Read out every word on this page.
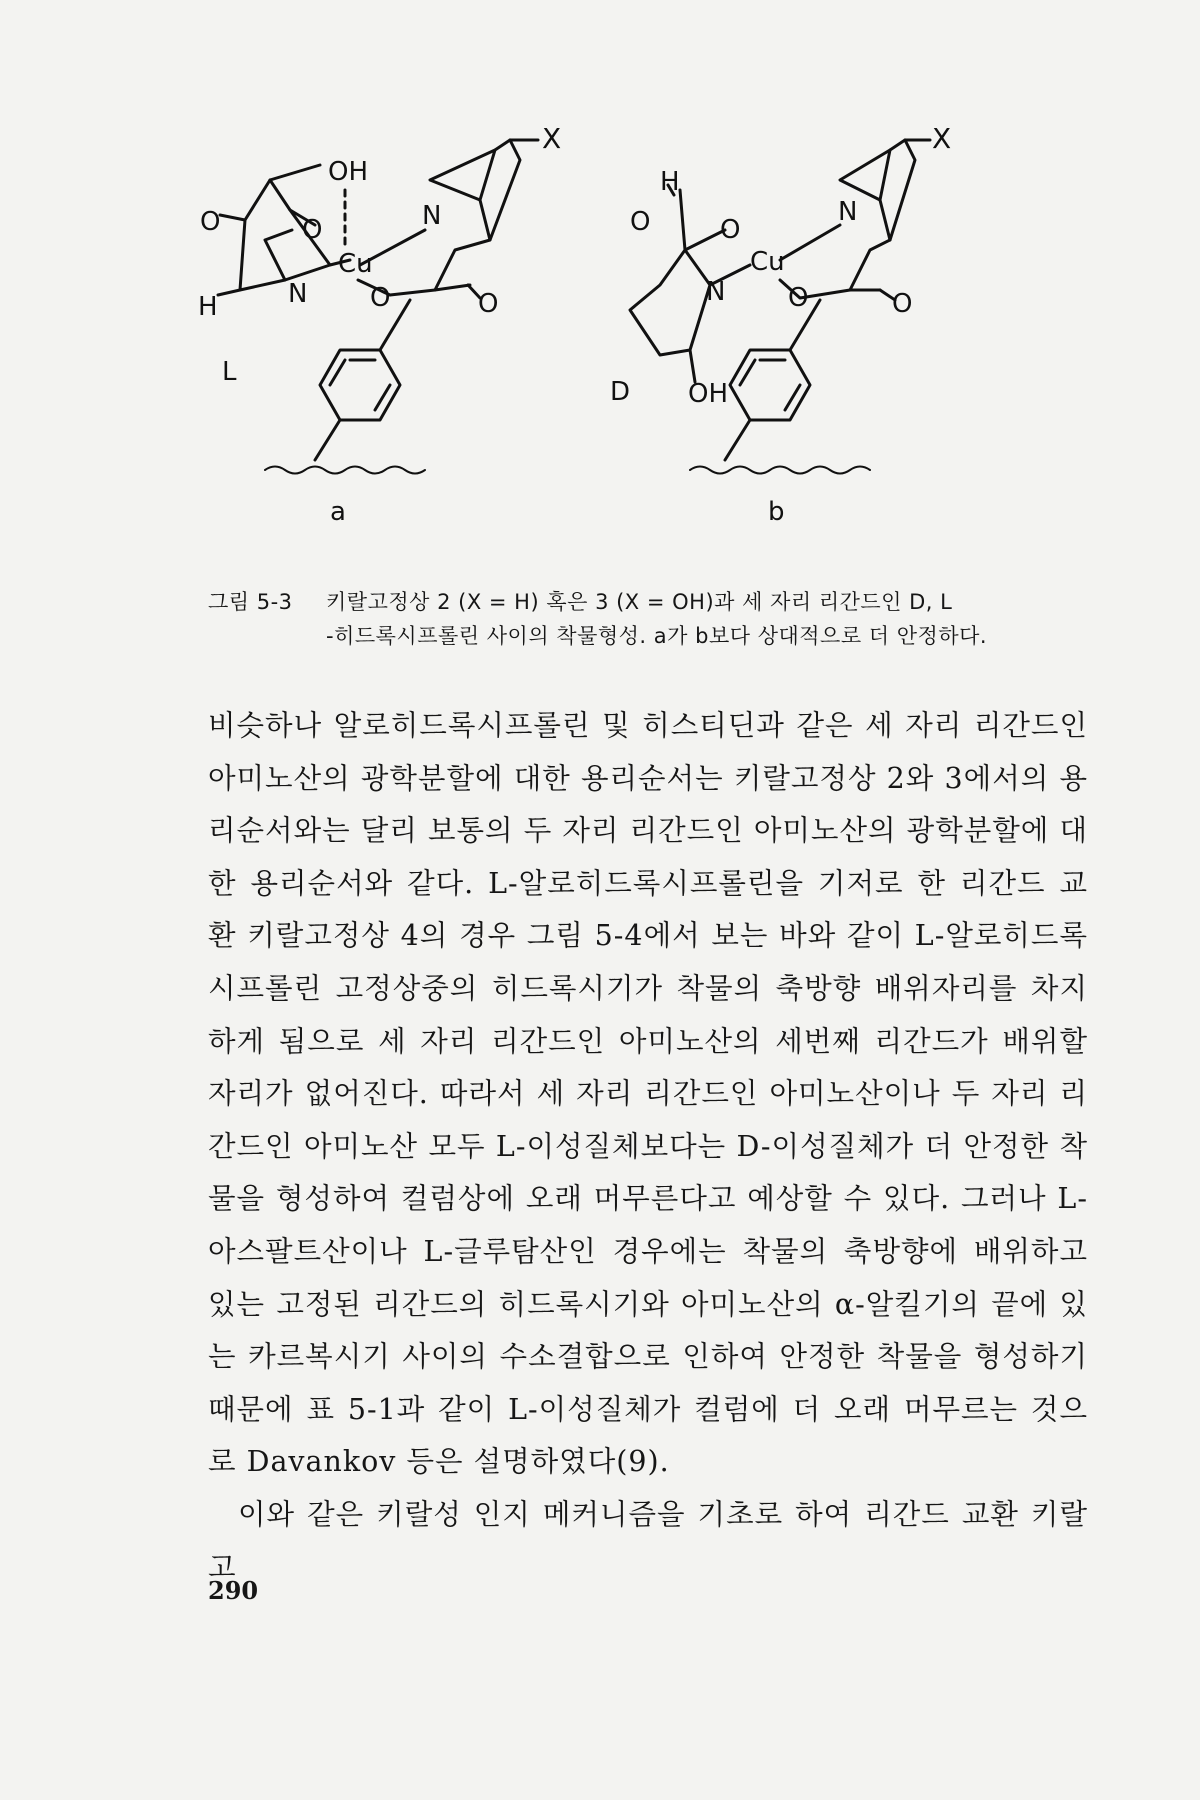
X
OH
O	O
Cu
N
N
H	O	O
L
a
X
H
O	O
Cu
N
N O	O
OH
D
b
그림 5-3 키랄고정상 2 (X = H) 혹은 3 (X = OH)과 세 자리 리간드인 D, L
-히드록시프롤린 사이의 착물형성. a가 b보다 상대적으로 더 안정하다.

비슷하나 알로히드록시프롤린 및 히스티딘과 같은 세 자리 리간드인 아미노산의 광학분할에 대한 용리순서는 키랄고정상 2와 3에서의 용리순서와는 달리 보통의 두 자리 리간드인 아미노산의 광학분할에 대한 용리순서와 같다. L-알로히드록시프롤린을 기저로 한 리간드 교환 키랄고정상 4의 경우 그림 5-4에서 보는 바와 같이 L-알로히드록시프롤린 고정상중의 히드록시기가 착물의 축방향 배위자리를 차지하게 됨으로 세 자리 리간드인 아미노산의 세번째 리간드가 배위할 자리가 없어진다. 따라서 세 자리 리간드인 아미노산이나 두 자리 리간드인 아미노산 모두 L-이성질체보다는 D-이성질체가 더 안정한 착물을 형성하여 컬럼상에 오래 머무른다고 예상할 수 있다. 그러나 L-아스팔트산이나 L-글루탐산인 경우에는 착물의 축방향에 배위하고 있는 고정된 리간드의 히드록시기와 아미노산의 α-알킬기의 끝에 있는 카르복시기 사이의 수소결합으로 인하여 안정한 착물을 형성하기 때문에 표 5-1과 같이 L-이성질체가 컬럼에 더 오래 머무르는 것으로 Davankov 등은 설명하였다(9).

이와 같은 키랄성 인지 메커니즘을 기초로 하여 리간드 교환 키랄고

290
